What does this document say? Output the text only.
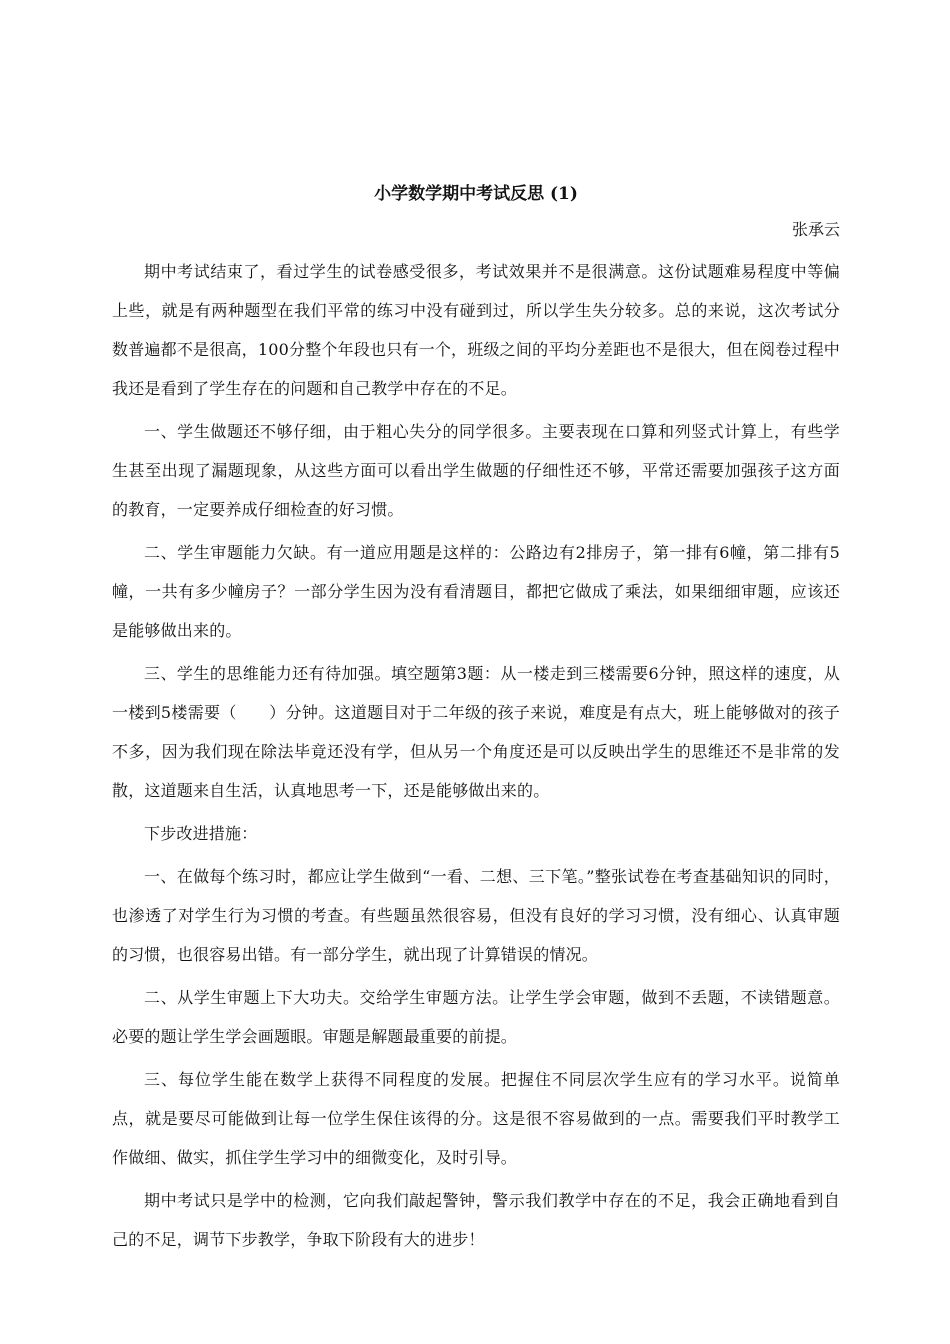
小学数学期中考试反思 (1)

张承云

期中考试结束了，看过学生的试卷感受很多，考试效果并不是很满意。这份试题难易程度中等偏上些，就是有两种题型在我们平常的练习中没有碰到过，所以学生失分较多。总的来说，这次考试分数普遍都不是很高，100分整个年段也只有一个，班级之间的平均分差距也不是很大，但在阅卷过程中我还是看到了学生存在的问题和自己教学中存在的不足。

一、学生做题还不够仔细，由于粗心失分的同学很多。主要表现在口算和列竖式计算上，有些学生甚至出现了漏题现象，从这些方面可以看出学生做题的仔细性还不够，平常还需要加强孩子这方面的教育，一定要养成仔细检查的好习惯。

二、学生审题能力欠缺。有一道应用题是这样的：公路边有2排房子，第一排有6幢，第二排有5幢，一共有多少幢房子？一部分学生因为没有看清题目，都把它做成了乘法，如果细细审题，应该还是能够做出来的。

三、学生的思维能力还有待加强。填空题第3题：从一楼走到三楼需要6分钟，照这样的速度，从一楼到5楼需要（　　）分钟。这道题目对于二年级的孩子来说，难度是有点大，班上能够做对的孩子不多，因为我们现在除法毕竟还没有学，但从另一个角度还是可以反映出学生的思维还不是非常的发散，这道题来自生活，认真地思考一下，还是能够做出来的。

下步改进措施：

一、在做每个练习时，都应让学生做到“一看、二想、三下笔。”整张试卷在考查基础知识的同时，也渗透了对学生行为习惯的考查。有些题虽然很容易，但没有良好的学习习惯，没有细心、认真审题的习惯，也很容易出错。有一部分学生，就出现了计算错误的情况。

二、从学生审题上下大功夫。交给学生审题方法。让学生学会审题，做到不丢题，不读错题意。必要的题让学生学会画题眼。审题是解题最重要的前提。

三、每位学生能在数学上获得不同程度的发展。把握住不同层次学生应有的学习水平。说简单点，就是要尽可能做到让每一位学生保住该得的分。这是很不容易做到的一点。需要我们平时教学工作做细、做实，抓住学生学习中的细微变化，及时引导。

期中考试只是学中的检测，它向我们敲起警钟，警示我们教学中存在的不足，我会正确地看到自己的不足，调节下步教学，争取下阶段有大的进步！
